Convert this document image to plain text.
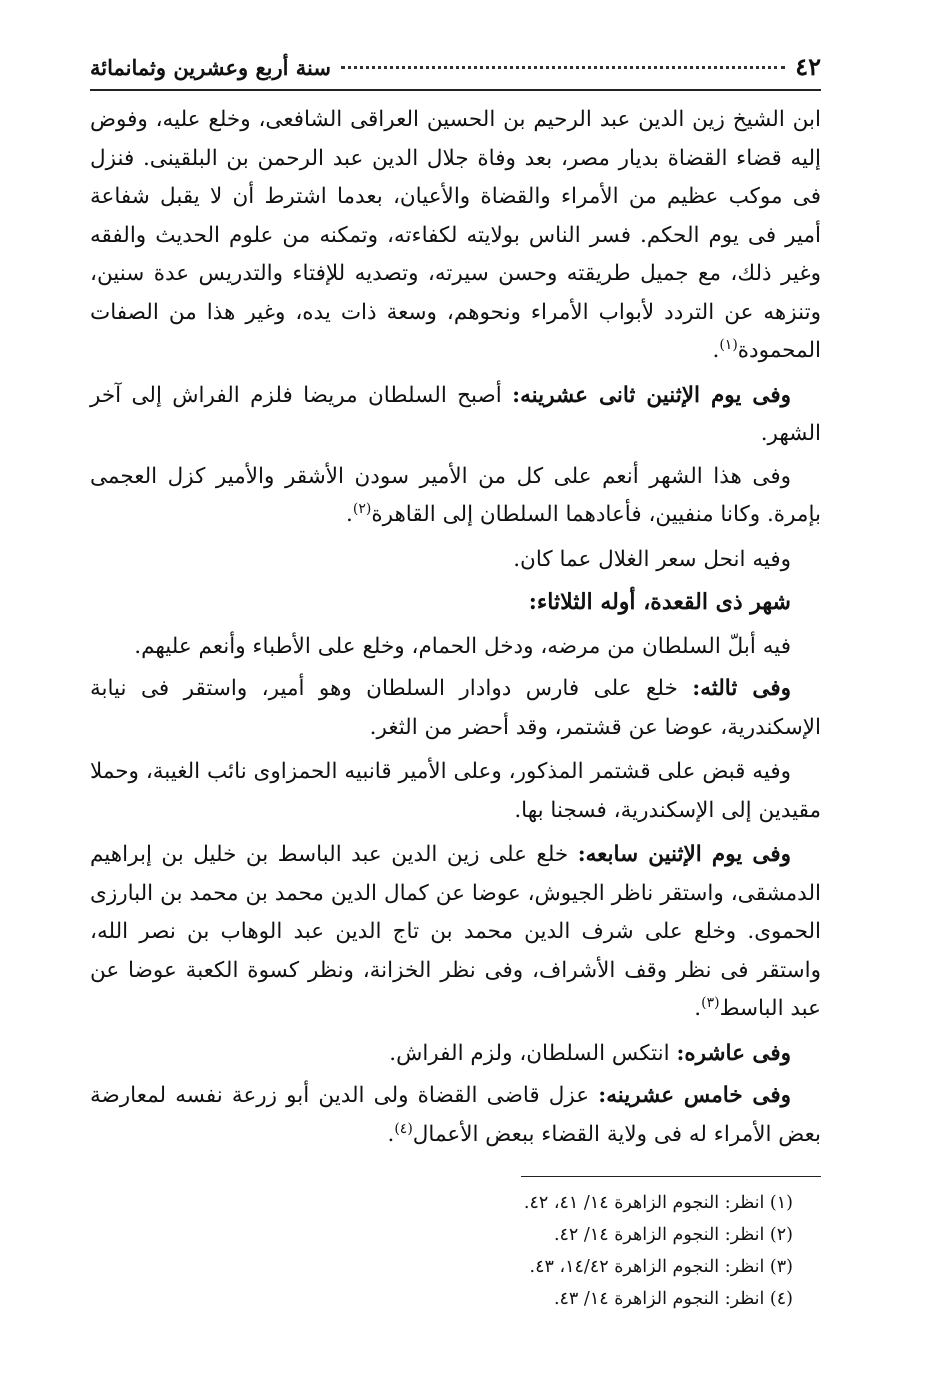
٤٢
سنة أربع وعشرين وثمانمائة

ابن الشيخ زين الدين عبد الرحيم بن الحسين العراقى الشافعى، وخلع عليه، وفوض إليه قضاء القضاة بديار مصر، بعد وفاة جلال الدين عبد الرحمن بن البلقينى. فنزل فى موكب عظيم من الأمراء والقضاة والأعيان، بعدما اشترط أن لا يقبل شفاعة أمير فى يوم الحكم. فسر الناس بولايته لكفاءته، وتمكنه من علوم الحديث والفقه وغير ذلك، مع جميل طريقته وحسن سيرته، وتصديه للإفتاء والتدريس عدة سنين، وتنزهه عن التردد لأبواب الأمراء ونحوهم، وسعة ذات يده، وغير هذا من الصفات المحمودة$^{(١)}$.

وفى يوم الإثنين ثانى عشرينه: أصبح السلطان مريضا فلزم الفراش إلى آخر الشهر.

وفى هذا الشهر أنعم على كل من الأمير سودن الأشقر والأمير كزل العجمى بإمرة. وكانا منفيين، فأعادهما السلطان إلى القاهرة$^{(٢)}$.

وفيه انحل سعر الغلال عما كان.

شهر ذى القعدة، أوله الثلاثاء:

فيه أبلّ السلطان من مرضه، ودخل الحمام، وخلع على الأطباء وأنعم عليهم.

وفى ثالثه: خلع على فارس دوادار السلطان وهو أمير، واستقر فى نيابة الإسكندرية، عوضا عن قشتمر، وقد أحضر من الثغر.

وفيه قبض على قشتمر المذكور، وعلى الأمير قانبيه الحمزاوى نائب الغيبة، وحملا مقيدين إلى الإسكندرية، فسجنا بها.

وفى يوم الإثنين سابعه: خلع على زين الدين عبد الباسط بن خليل بن إبراهيم الدمشقى، واستقر ناظر الجيوش، عوضا عن كمال الدين محمد بن محمد بن البارزى الحموى. وخلع على شرف الدين محمد بن تاج الدين عبد الوهاب بن نصر الله، واستقر فى نظر وقف الأشراف، وفى نظر الخزانة، ونظر كسوة الكعبة عوضا عن عبد الباسط$^{(٣)}$.

وفى عاشره: انتكس السلطان، ولزم الفراش.

وفى خامس عشرينه: عزل قاضى القضاة ولى الدين أبو زرعة نفسه لمعارضة بعض الأمراء له فى ولاية القضاء ببعض الأعمال$^{(٤)}$.

(١) انظر: النجوم الزاهرة ١٤/ ٤١، ٤٢.

(٢) انظر: النجوم الزاهرة ١٤/ ٤٢.

(٣) انظر: النجوم الزاهرة ١٤/٤٢، ٤٣.

(٤) انظر: النجوم الزاهرة ١٤/ ٤٣.
